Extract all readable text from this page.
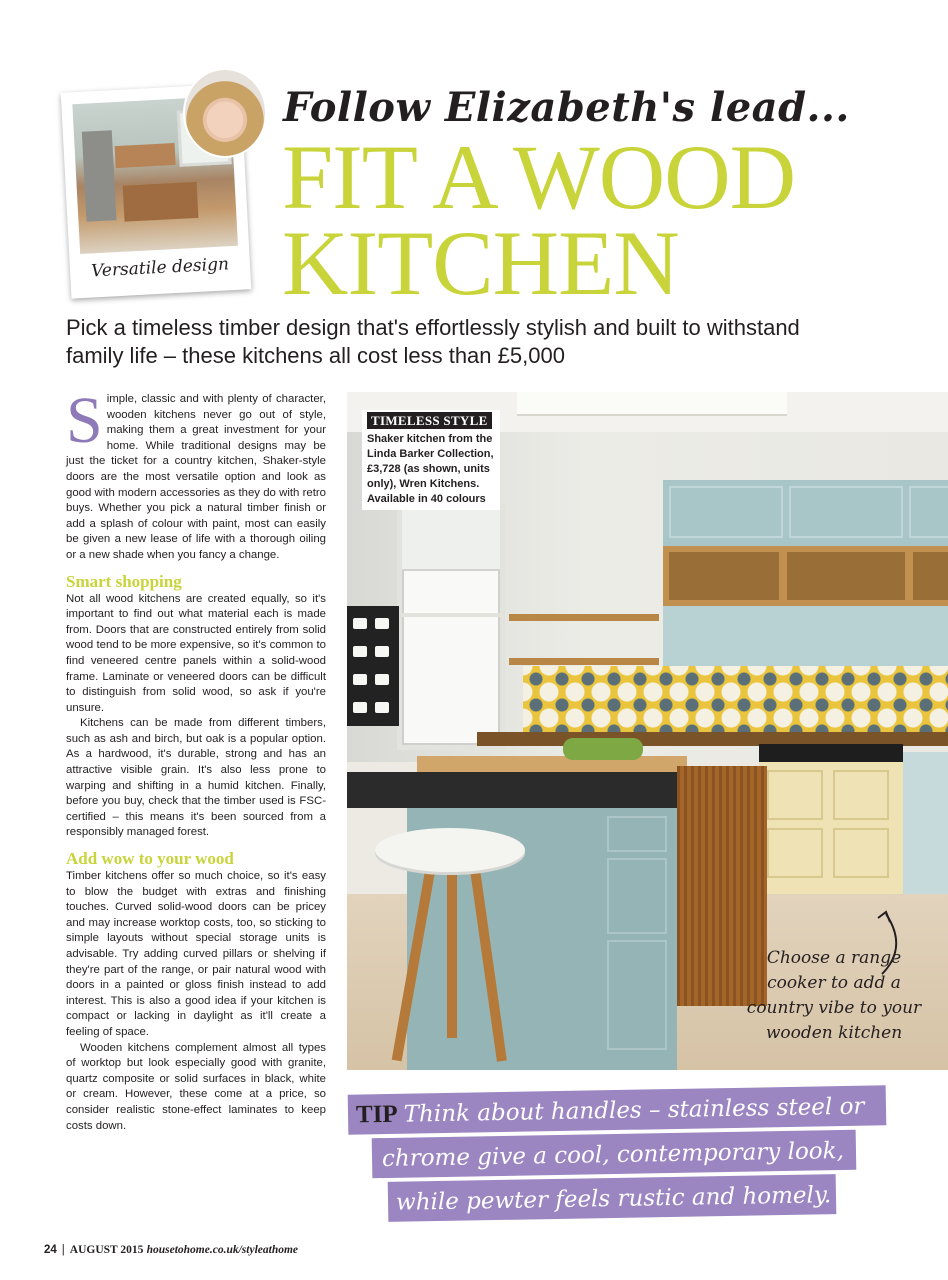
Versatile design
Follow Elizabeth's lead...
FIT A WOOD
KITCHEN
Pick a timeless timber design that's effortlessly stylish and built to withstand family life – these kitchens all cost less than £5,000

Simple, classic and with plenty of character, wooden kitchens never go out of style, making them a great investment for your home. While traditional designs may be just the ticket for a country kitchen, Shaker-style doors are the most versatile option and look as good with modern accessories as they do with retro buys. Whether you pick a natural timber finish or add a splash of colour with paint, most can easily be given a new lease of life with a thorough oiling or a new shade when you fancy a change.

Smart shopping

Not all wood kitchens are created equally, so it's important to find out what material each is made from. Doors that are constructed entirely from solid wood tend to be more expensive, so it's common to find veneered centre panels within a solid-wood frame. Laminate or veneered doors can be difficult to distinguish from solid wood, so ask if you're unsure.

Kitchens can be made from different timbers, such as ash and birch, but oak is a popular option. As a hardwood, it's durable, strong and has an attractive visible grain. It's also less prone to warping and shifting in a humid kitchen. Finally, before you buy, check that the timber used is FSC-certified – this means it's been sourced from a responsibly managed forest.

Add wow to your wood

Timber kitchens offer so much choice, so it's easy to blow the budget with extras and finishing touches. Curved solid-wood doors can be pricey and may increase worktop costs, too, so sticking to simple layouts without special storage units is advisable. Try adding curved pillars or shelving if they're part of the range, or pair natural wood with doors in a painted or gloss finish instead to add interest. This is also a good idea if your kitchen is compact or lacking in daylight as it'll create a feeling of space.

Wooden kitchens complement almost all types of worktop but look especially good with granite, quartz composite or solid surfaces in black, white or cream. However, these come at a price, so consider realistic stone-effect laminates to keep costs down.

TIMELESS STYLE
Shaker kitchen from the Linda Barker Collection, £3,728 (as shown, units only), Wren Kitchens. Available in 40 colours
Choose a range
cooker to add a
country vibe to your
wooden kitchen
TIP Think about handles – stainless steel or
chrome give a cool, contemporary look,
while pewter feels rustic and homely.
24 | AUGUST 2015 housetohome.co.uk/styleathome
